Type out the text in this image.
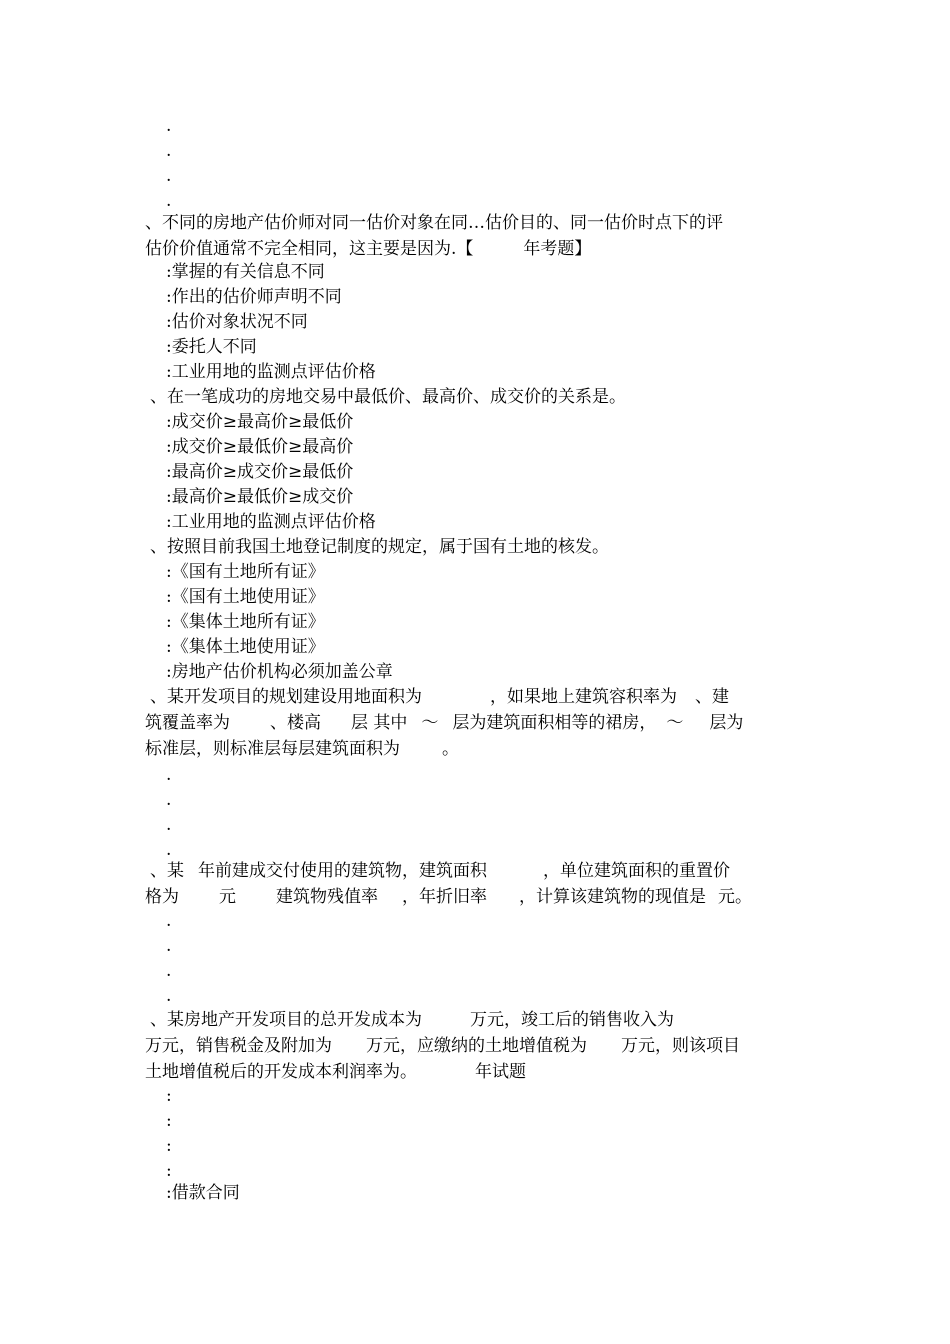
.

.

.

.

、不同的房地产估价师对同一估价对象在同…估价目的、同一估价时点下的评

估价价值通常不完全相同，这主要是因为.【	年考题】

:掌握的有关信息不同

:作出的估价师声明不同

:估价对象状况不同

:委托人不同

:工业用地的监测点评估价格

、在一笔成功的房地交易中最低价、最高价、成交价的关系是。

:成交价≥最高价≥最低价

:成交价≥最低价≥最高价

:最高价≥成交价≥最低价

:最高价≥最低价≥成交价

:工业用地的监测点评估价格

、按照目前我国土地登记制度的规定，属于国有土地的核发。

:《国有土地所有证》

:《国有土地使用证》

:《集体土地所有证》

:《集体土地使用证》

:房地产估价机构必须加盖公章

、某开发项目的规划建设用地面积为	，如果地上建筑容积率为 、建

筑覆盖率为 、楼高 层 其中 ～ 层为建筑面积相等的裙房， ～ 层为

标准层，则标准层每层建筑面积为 。

.

.

.

.

、某 年前建成交付使用的建筑物，建筑面积	，单位建筑面积的重置价

格为 元 建筑物残值率 ，年折旧率 ，计算该建筑物的现值是 元。

.

.

.

.

、某房地产开发项目的总开发成本为	万元，竣工后的销售收入为

万元，销售税金及附加为 万元，应缴纳的土地增值税为 万元，则该项目

土地增值税后的开发成本利润率为。	年试题

:

:

:

:

:借款合同
